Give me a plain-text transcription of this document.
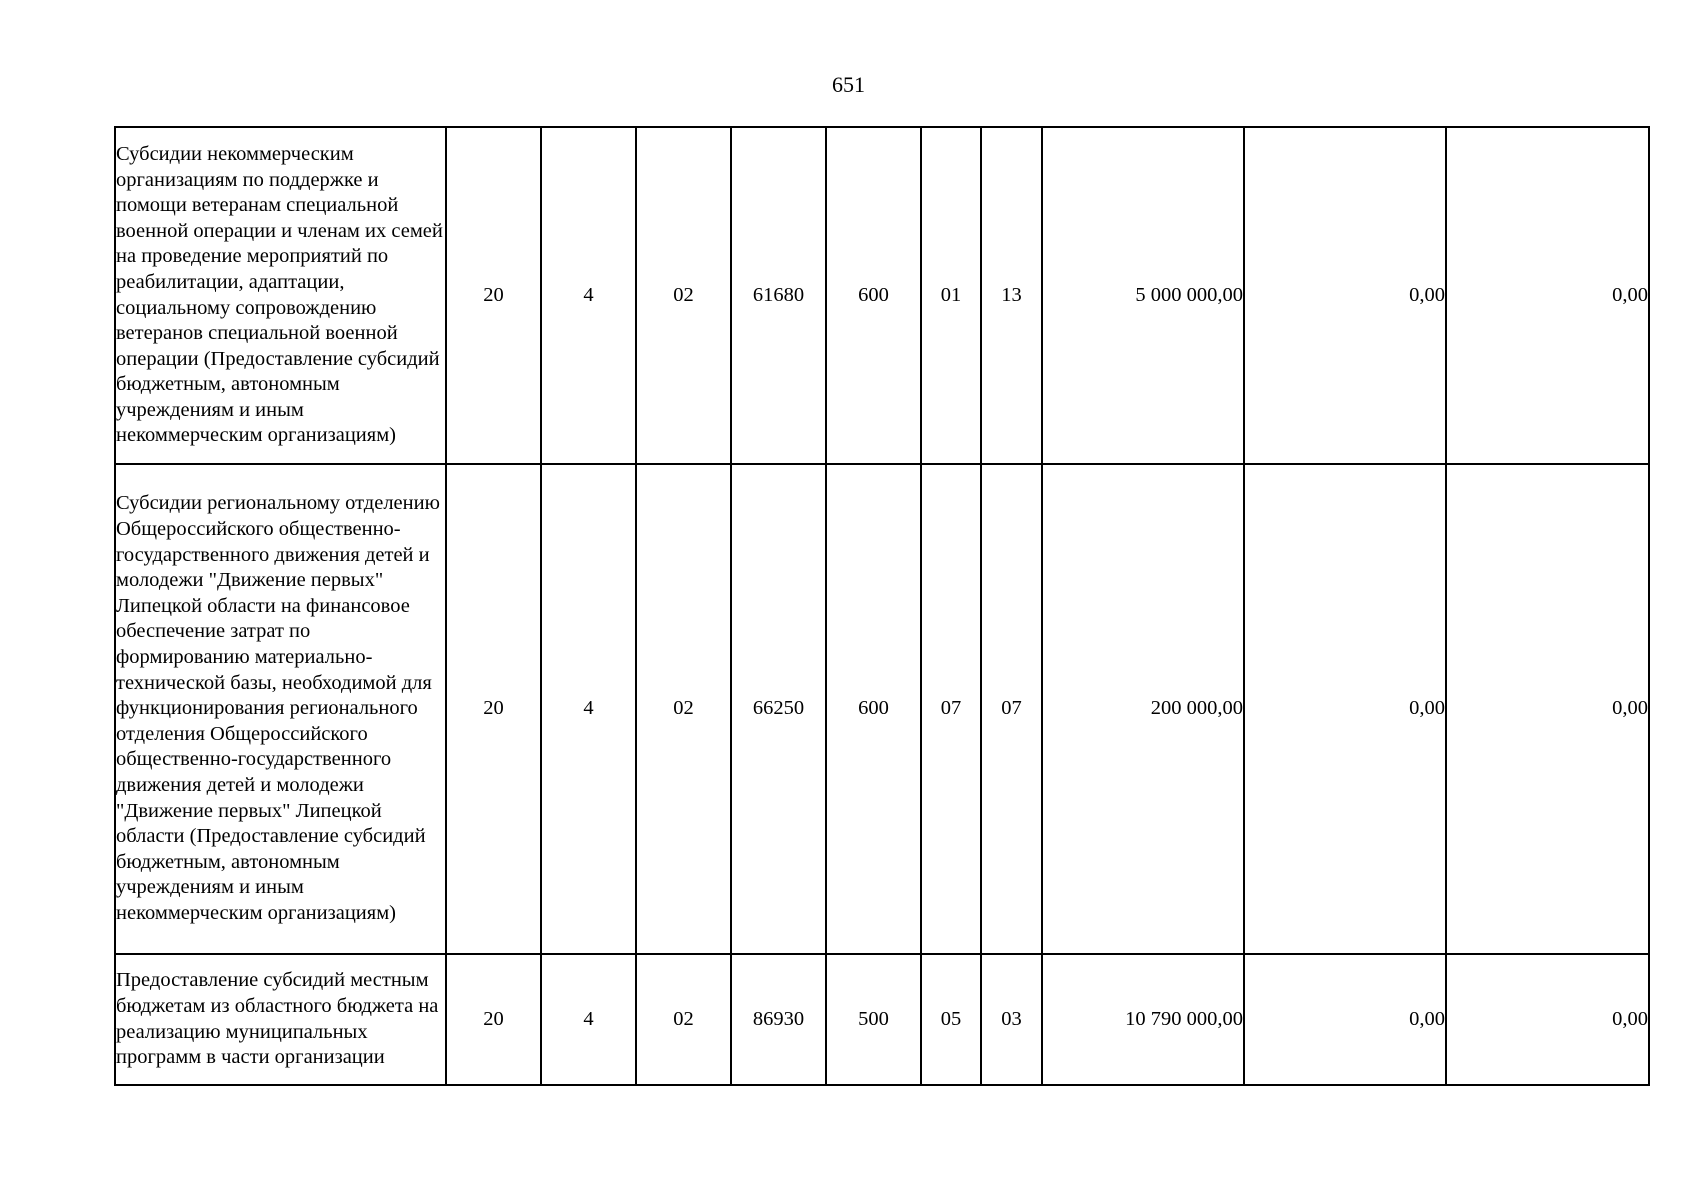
651
Субсидии некоммерческим организациям по поддержке и помощи ветеранам специальной военной операции и членам их семей на проведение мероприятий по реабилитации, адаптации, социальному сопровождению ветеранов специальной военной операции (Предоставление субсидий бюджетным, автономным учреждениям и иным некоммерческим организациям)	20	4	02	61680	600	01	13	5 000 000,00	0,00	0,00
Субсидии региональному отделению Общероссийского общественно-государственного движения детей и молодежи "Движение первых" Липецкой области на финансовое обеспечение затрат по формированию материально-технической базы, необходимой для функционирования регионального отделения Общероссийского общественно-государственного движения детей и молодежи "Движение первых" Липецкой области (Предоставление субсидий бюджетным, автономным учреждениям и иным некоммерческим организациям)	20	4	02	66250	600	07	07	200 000,00	0,00	0,00
Предоставление субсидий местным бюджетам из областного бюджета на реализацию муниципальных программ в части организации	20	4	02	86930	500	05	03	10 790 000,00	0,00	0,00
